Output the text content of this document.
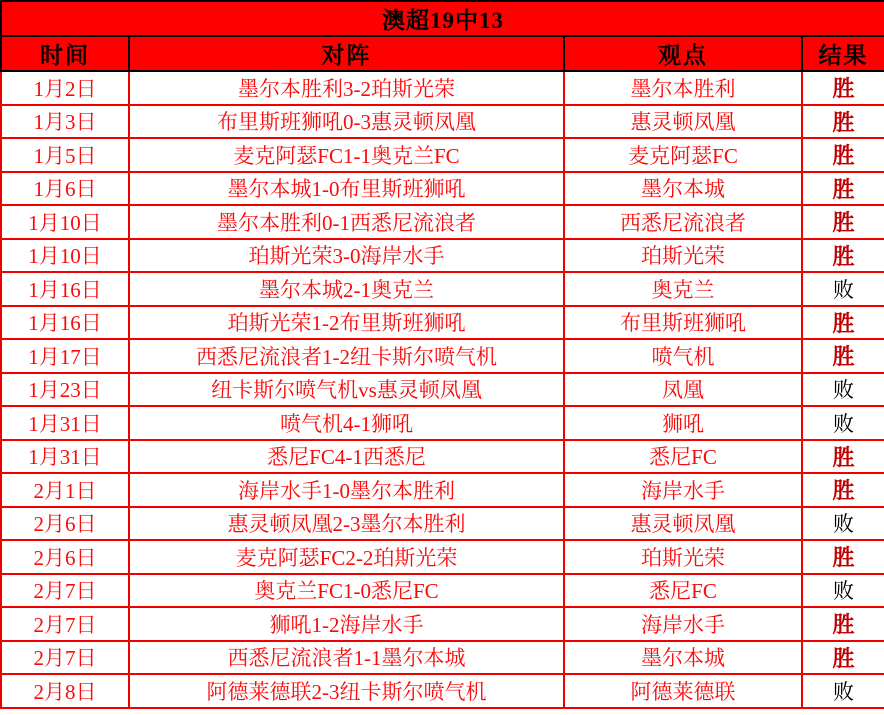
澳超19中13			
时间	对阵	观点	结果
1月2日	墨尔本胜利3-2珀斯光荣	墨尔本胜利	胜
1月3日	布里斯班狮吼0-3惠灵顿凤凰	惠灵顿凤凰	胜
1月5日	麦克阿瑟FC1-1奥克兰FC	麦克阿瑟FC	胜
1月6日	墨尔本城1-0布里斯班狮吼	墨尔本城	胜
1月10日	墨尔本胜利0-1西悉尼流浪者	西悉尼流浪者	胜
1月10日	珀斯光荣3-0海岸水手	珀斯光荣	胜
1月16日	墨尔本城2-1奥克兰	奥克兰	败
1月16日	珀斯光荣1-2布里斯班狮吼	布里斯班狮吼	胜
1月17日	西悉尼流浪者1-2纽卡斯尔喷气机	喷气机	胜
1月23日	纽卡斯尔喷气机vs惠灵顿凤凰	凤凰	败
1月31日	喷气机4-1狮吼	狮吼	败
1月31日	悉尼FC4-1西悉尼	悉尼FC	胜
2月1日	海岸水手1-0墨尔本胜利	海岸水手	胜
2月6日	惠灵顿凤凰2-3墨尔本胜利	惠灵顿凤凰	败
2月6日	麦克阿瑟FC2-2珀斯光荣	珀斯光荣	胜
2月7日	奥克兰FC1-0悉尼FC	悉尼FC	败
2月7日	狮吼1-2海岸水手	海岸水手	胜
2月7日	西悉尼流浪者1-1墨尔本城	墨尔本城	胜
2月8日	阿德莱德联2-3纽卡斯尔喷气机	阿德莱德联	败
